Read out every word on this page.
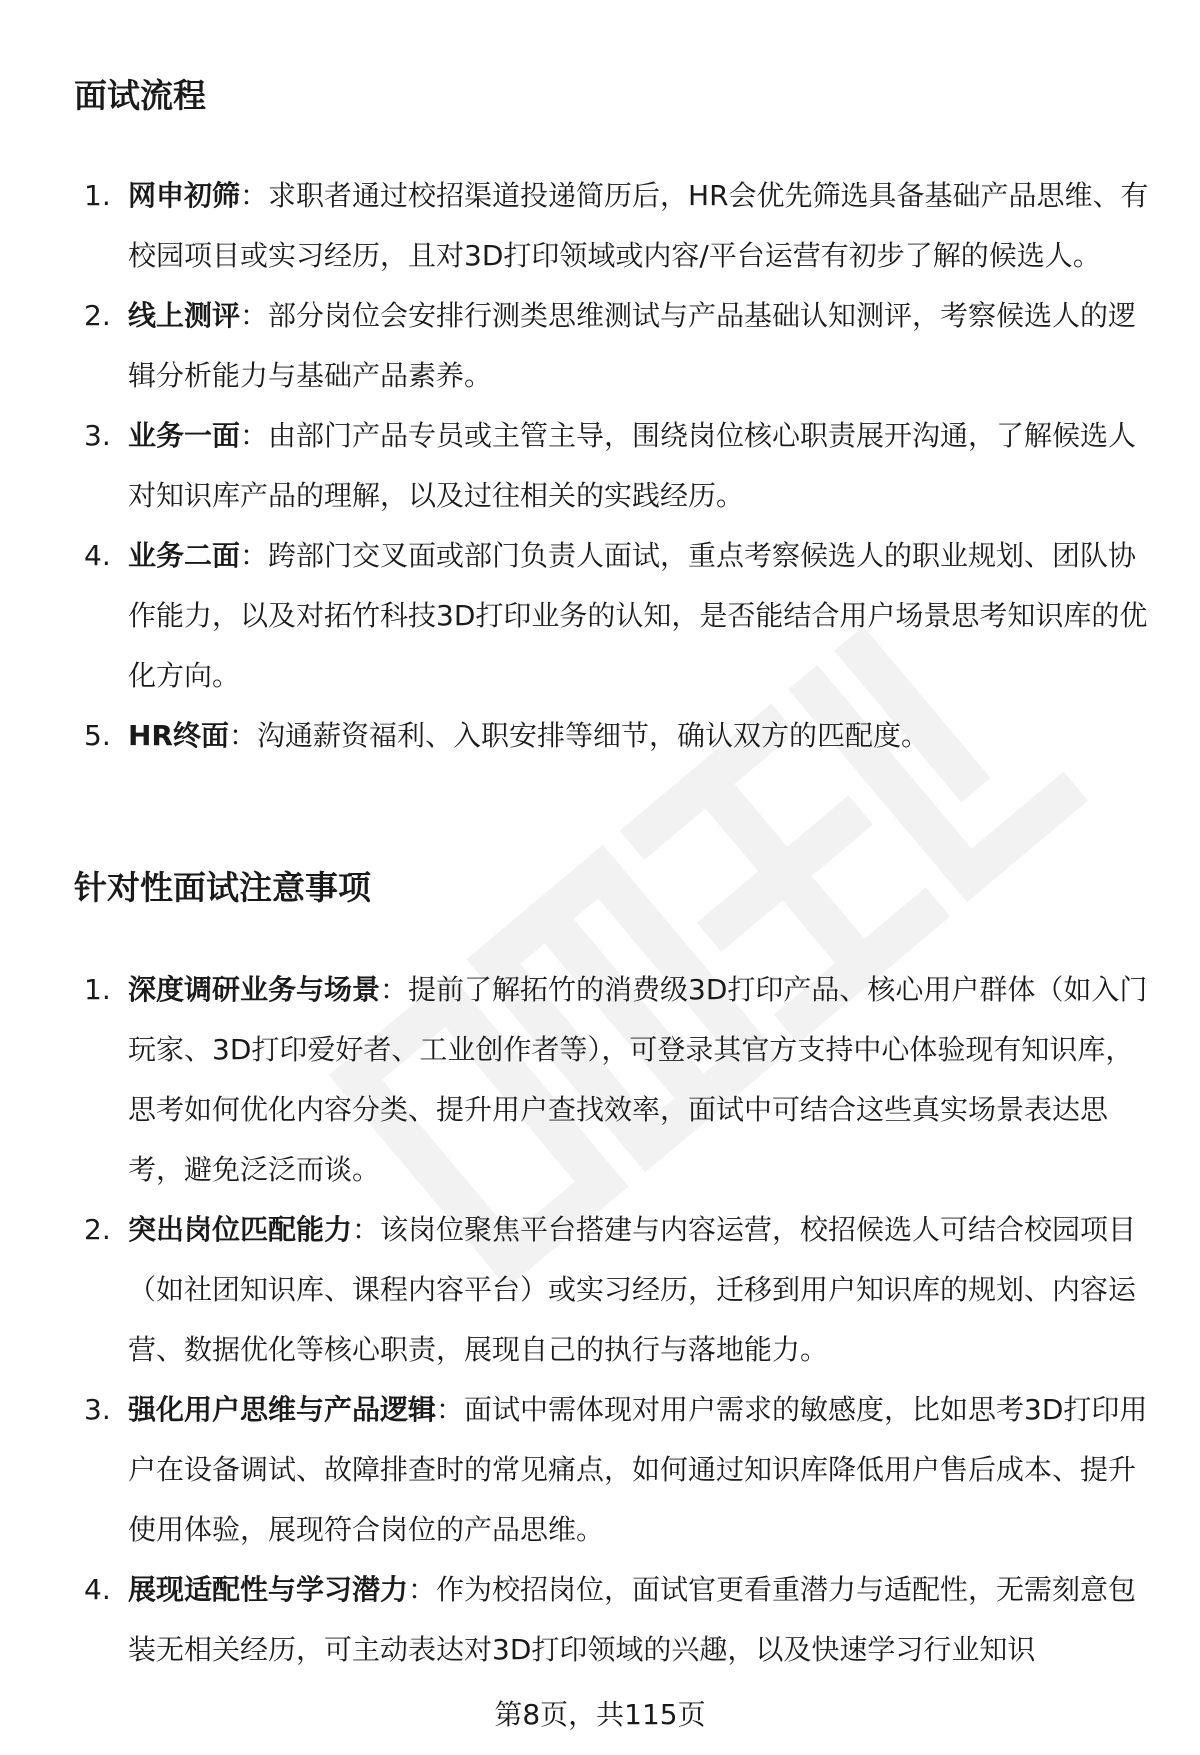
面试流程
1. 网申初筛：求职者通过校招渠道投递简历后，HR会优先筛选具备基础产品思维、有校园项目或实习经历，且对3D打印领域或内容/平台运营有初步了解的候选人。
2. 线上测评：部分岗位会安排行测类思维测试与产品基础认知测评，考察候选人的逻辑分析能力与基础产品素养。
3. 业务一面：由部门产品专员或主管主导，围绕岗位核心职责展开沟通，了解候选人对知识库产品的理解，以及过往相关的实践经历。
4. 业务二面：跨部门交叉面或部门负责人面试，重点考察候选人的职业规划、团队协作能力，以及对拓竹科技3D打印业务的认知，是否能结合用户场景思考知识库的优化方向。
5. HR终面：沟通薪资福利、入职安排等细节，确认双方的匹配度。
针对性面试注意事项
1. 深度调研业务与场景：提前了解拓竹的消费级3D打印产品、核心用户群体（如入门玩家、3D打印爱好者、工业创作者等），可登录其官方支持中心体验现有知识库，思考如何优化内容分类、提升用户查找效率，面试中可结合这些真实场景表达思考，避免泛泛而谈。
2. 突出岗位匹配能力：该岗位聚焦平台搭建与内容运营，校招候选人可结合校园项目（如社团知识库、课程内容平台）或实习经历，迁移到用户知识库的规划、内容运营、数据优化等核心职责，展现自己的执行与落地能力。
3. 强化用户思维与产品逻辑：面试中需体现对用户需求的敏感度，比如思考3D打印用户在设备调试、故障排查时的常见痛点，如何通过知识库降低用户售后成本、提升使用体验，展现符合岗位的产品思维。
4. 展现适配性与学习潜力：作为校招岗位，面试官更看重潜力与适配性，无需刻意包装无相关经历，可主动表达对3D打印领域的兴趣，以及快速学习行业知识
第8页，共115页
